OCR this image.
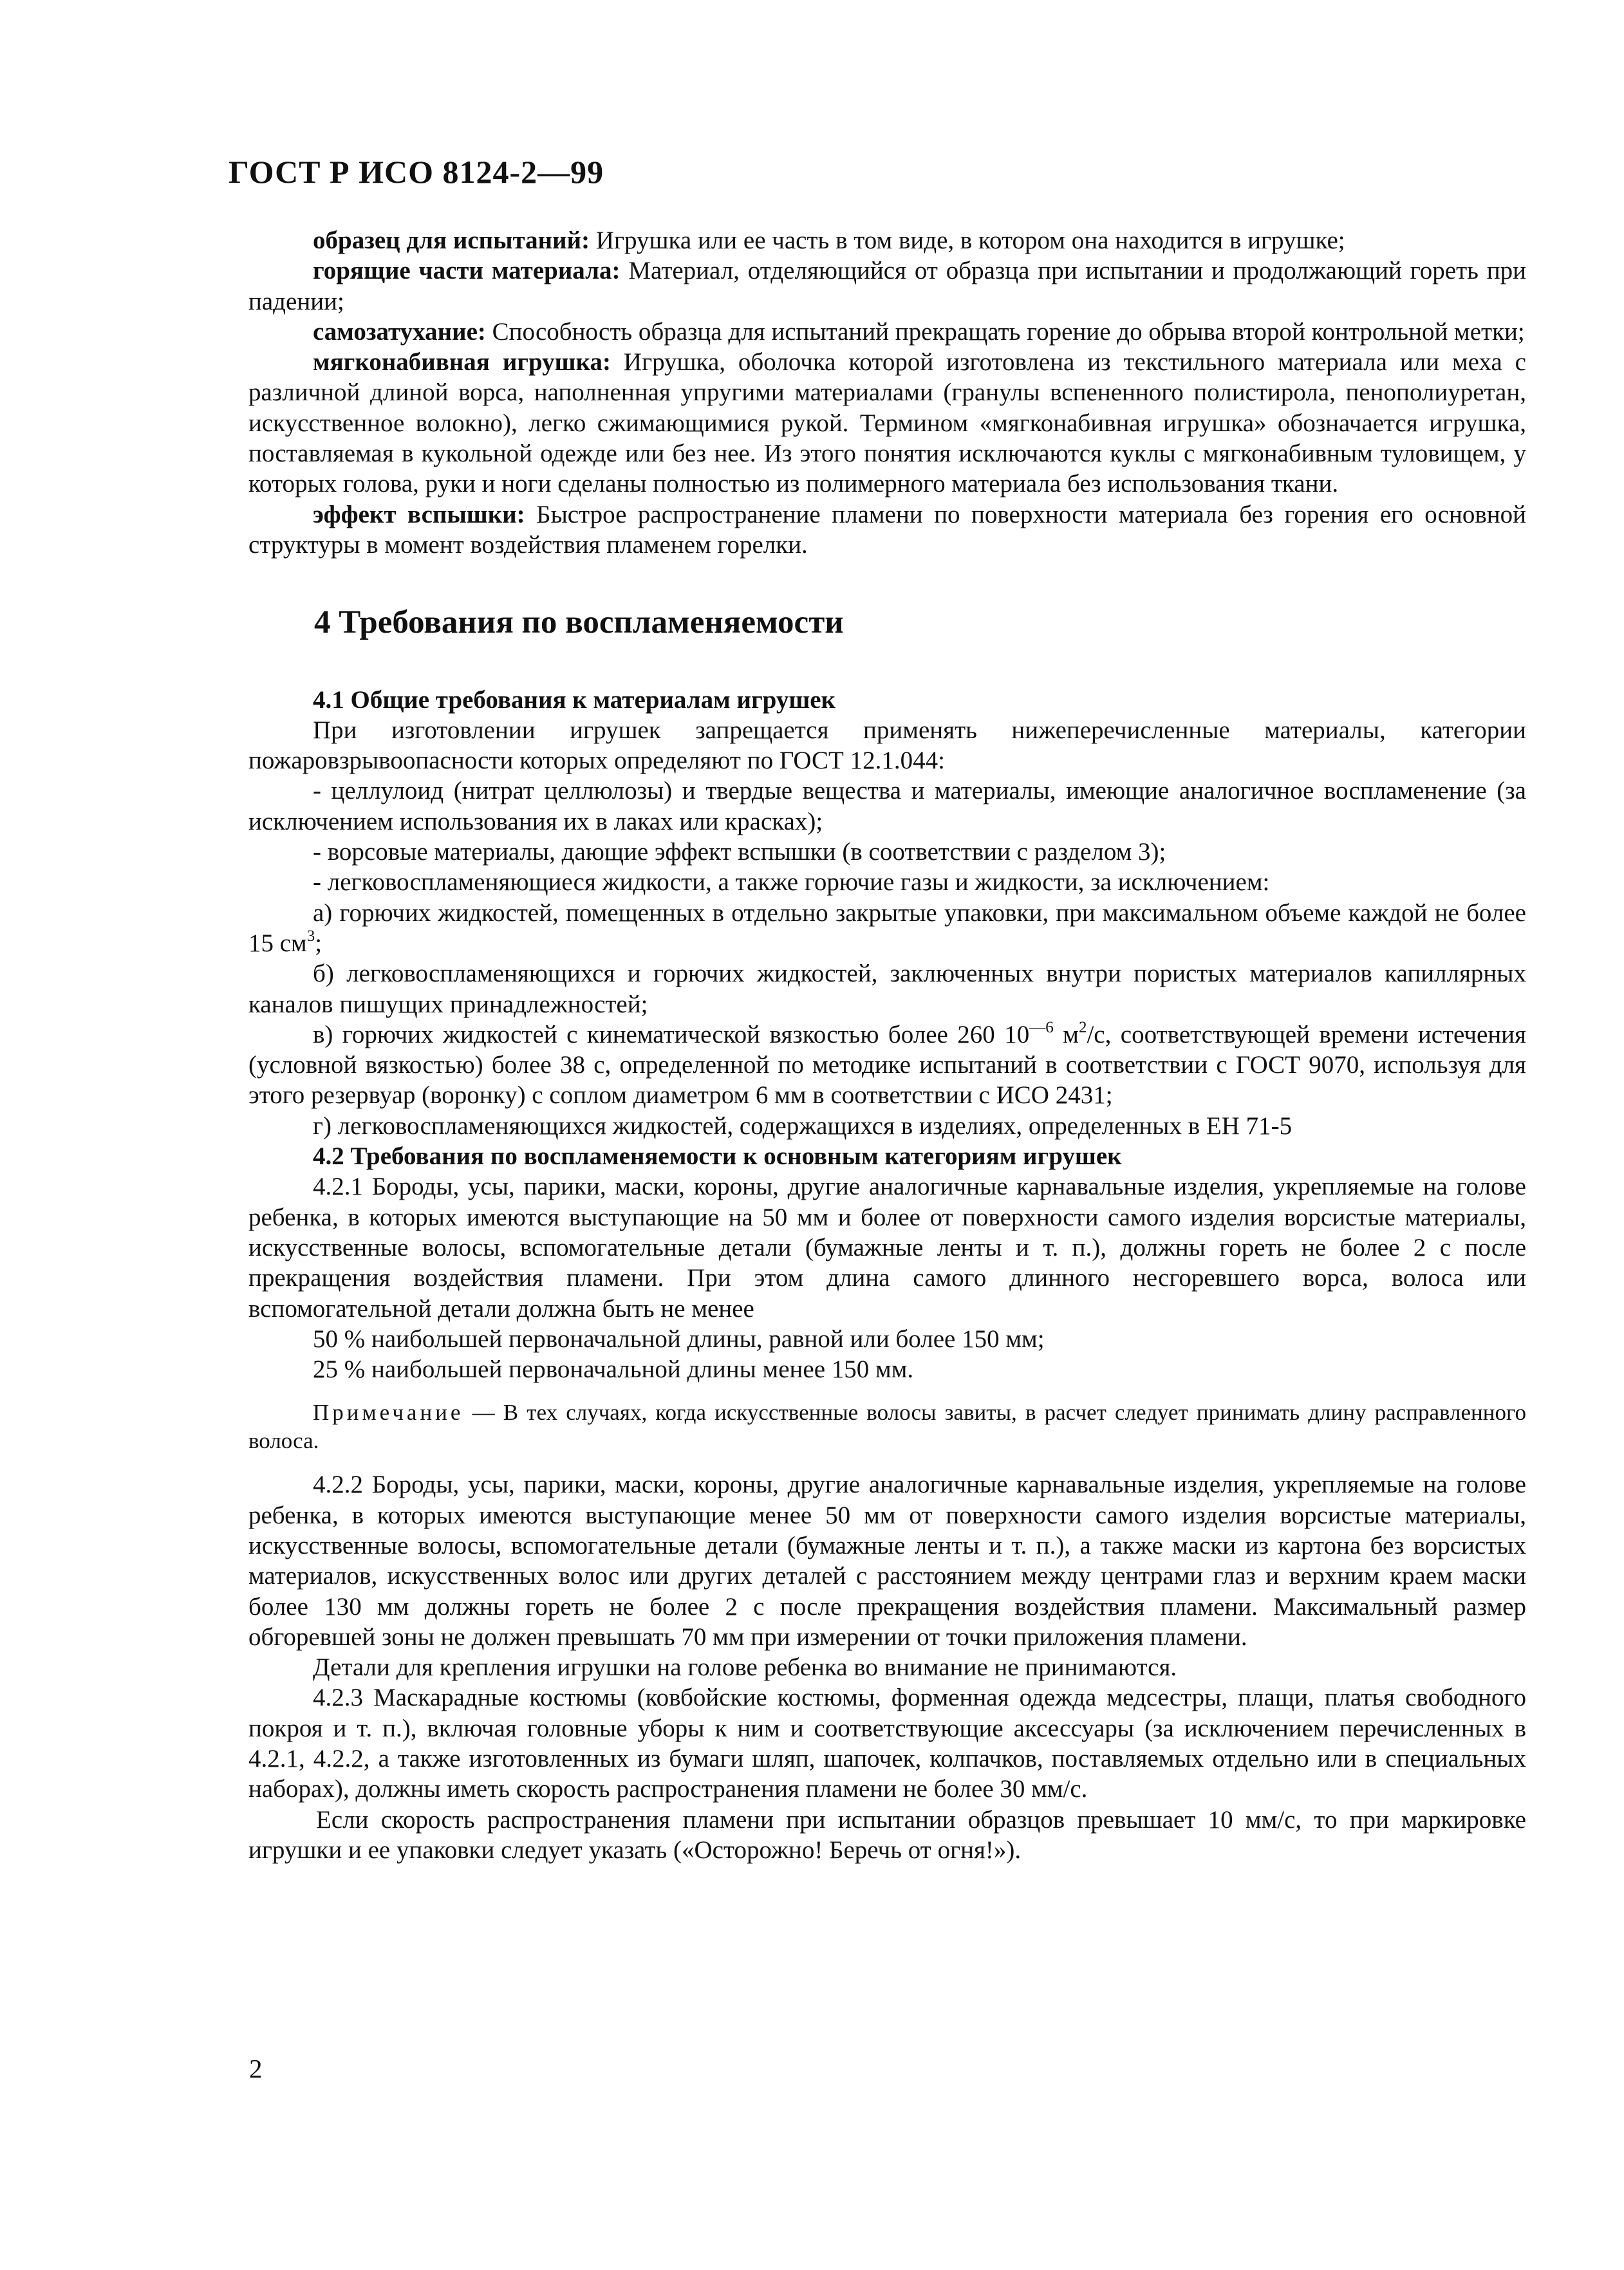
ГОСТ Р ИСО 8124-2—99

образец для испытаний: Игрушка или ее часть в том виде, в котором она находится в игрушке;

горящие части материала: Материал, отделяющийся от образца при испытании и продолжающий гореть при падении;

самозатухание: Способность образца для испытаний прекращать горение до обрыва второй контрольной метки;

мягконабивная игрушка: Игрушка, оболочка которой изготовлена из текстильного материала или меха с различной длиной ворса, наполненная упругими материалами (гранулы вспененного полистирола, пенополиуретан, искусственное волокно), легко сжимающимися рукой. Термином «мягконабивная игрушка» обозначается игрушка, поставляемая в кукольной одежде или без нее. Из этого понятия исключаются куклы с мягконабивным туловищем, у которых голова, руки и ноги сделаны полностью из полимерного материала без использования ткани.

эффект вспышки: Быстрое распространение пламени по поверхности материала без горения его основной структуры в момент воздействия пламенем горелки.

4 Требования по воспламеняемости

4.1 Общие требования к материалам игрушек

При изготовлении игрушек запрещается применять нижеперечисленные материалы, категории пожаровзрывоопасности которых определяют по ГОСТ 12.1.044:

- целлулоид (нитрат целлюлозы) и твердые вещества и материалы, имеющие аналогичное воспламенение (за исключением использования их в лаках или красках);

- ворсовые материалы, дающие эффект вспышки (в соответствии с разделом 3);

- легковоспламеняющиеся жидкости, а также горючие газы и жидкости, за исключением:

а) горючих жидкостей, помещенных в отдельно закрытые упаковки, при максимальном объеме каждой не более 15 $см^3$;

б) легковоспламеняющихся и горючих жидкостей, заключенных внутри пористых материалов капиллярных каналов пишущих принадлежностей;

в) горючих жидкостей с кинематической вязкостью более 260 $10^{—6}$ $м^2/с$, соответствующей времени истечения (условной вязкостью) более 38 с, определенной по методике испытаний в соответствии с ГОСТ 9070, используя для этого резервуар (воронку) с соплом диаметром 6 мм в соответствии с ИСО 2431;

г) легковоспламеняющихся жидкостей, содержащихся в изделиях, определенных в ЕН 71-5

4.2 Требования по воспламеняемости к основным категориям игрушек

4.2.1 Бороды, усы, парики, маски, короны, другие аналогичные карнавальные изделия, укрепляемые на голове ребенка, в которых имеются выступающие на 50 мм и более от поверхности самого изделия ворсистые материалы, искусственные волосы, вспомогательные детали (бумажные ленты и т. п.), должны гореть не более 2 с после прекращения воздействия пламени. При этом длина самого длинного несгоревшего ворса, волоса или вспомогательной детали должна быть не менее

50 % наибольшей первоначальной длины, равной или более 150 мм;

25 % наибольшей первоначальной длины менее 150 мм.

Примечание — В тех случаях, когда искусственные волосы завиты, в расчет следует принимать длину расправленного волоса.

4.2.2 Бороды, усы, парики, маски, короны, другие аналогичные карнавальные изделия, укрепляемые на голове ребенка, в которых имеются выступающие менее 50 мм от поверхности самого изделия ворсистые материалы, искусственные волосы, вспомогательные детали (бумажные ленты и т. п.), а также маски из картона без ворсистых материалов, искусственных волос или других деталей с расстоянием между центрами глаз и верхним краем маски более 130 мм должны гореть не более 2 с после прекращения воздействия пламени. Максимальный размер обгоревшей зоны не должен превышать 70 мм при измерении от точки приложения пламени.

Детали для крепления игрушки на голове ребенка во внимание не принимаются.

4.2.3 Маскарадные костюмы (ковбойские костюмы, форменная одежда медсестры, плащи, платья свободного покроя и т. п.), включая головные уборы к ним и соответствующие аксессуары (за исключением перечисленных в 4.2.1, 4.2.2, а также изготовленных из бумаги шляп, шапочек, колпачков, поставляемых отдельно или в специальных наборах), должны иметь скорость распространения пламени не более 30 мм/с.

Если скорость распространения пламени при испытании образцов превышает 10 мм/с, то при маркировке игрушки и ее упаковки следует указать («Осторожно! Беречь от огня!»).

2
